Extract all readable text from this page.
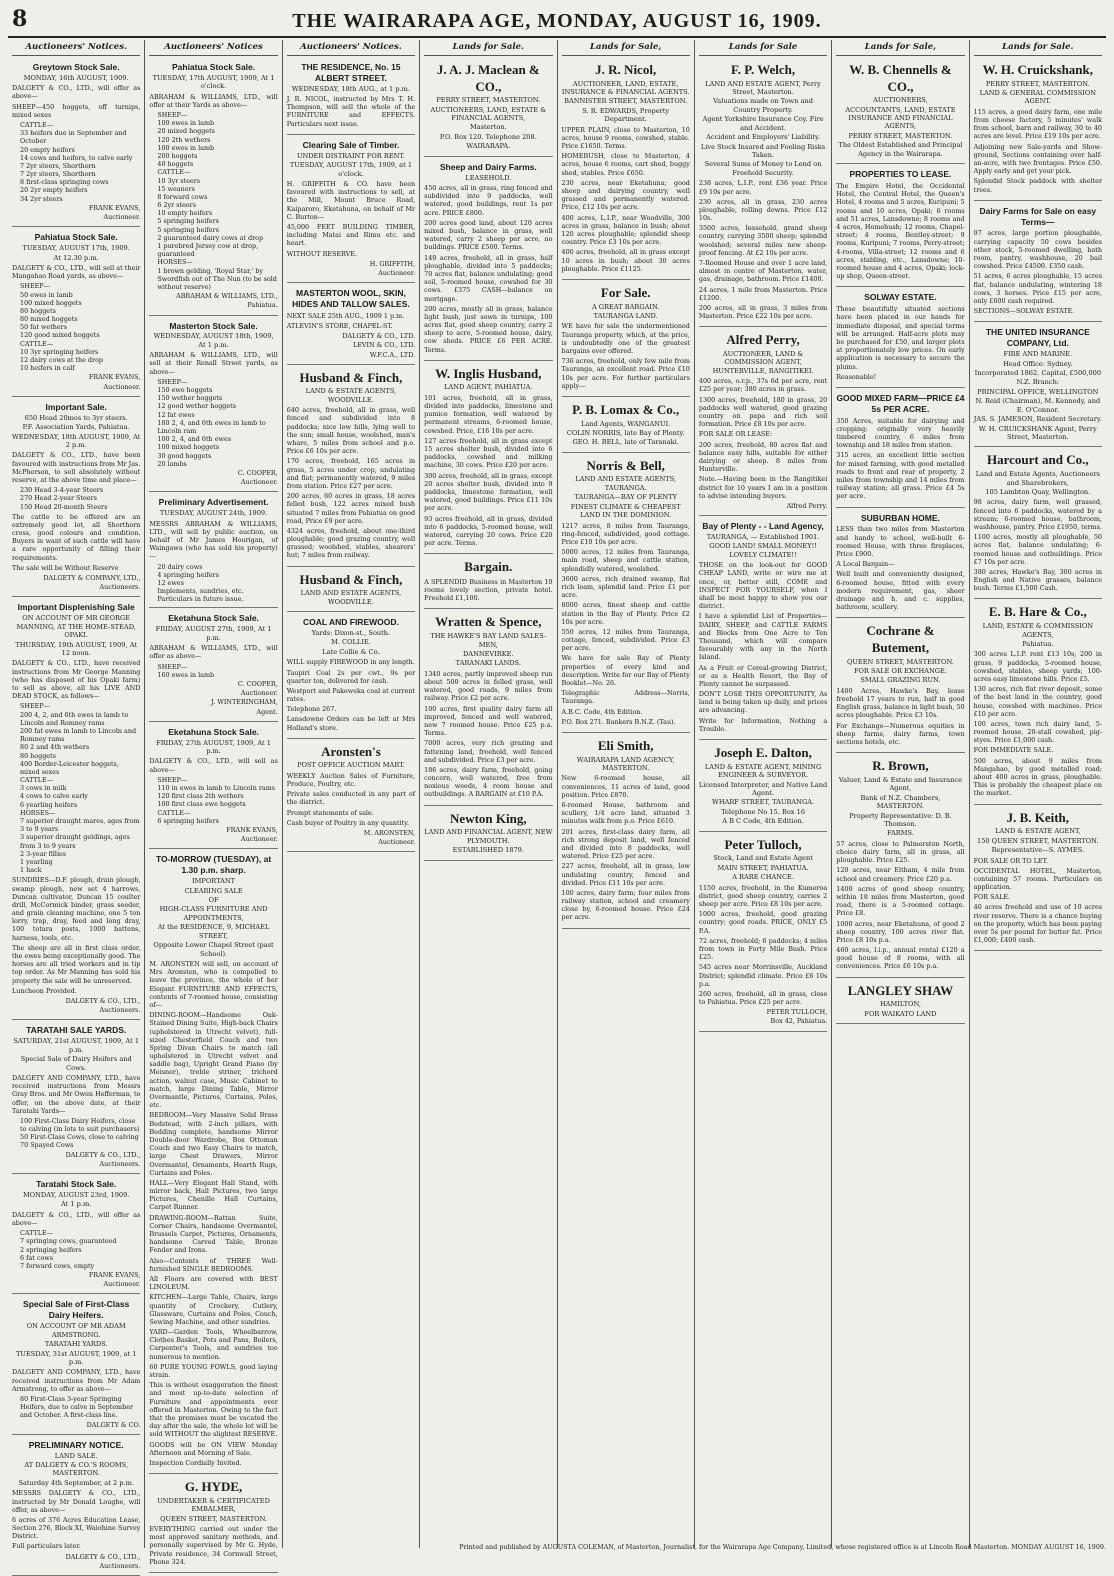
8	THE WAIRARAPA AGE, MONDAY, AUGUST 16, 1909.
Auctioneers' Notices.
Greytown Stock Sale.
MONDAY, 16th AUGUST, 1909.

DALGETY & CO., LTD., will offer as above—

SHEEP—450 hoggets, off turnips, mixed sexes

CATTLE—

33 heifers due in September and October

20 empty heifers

14 cows and heifers, to calve early

7 2yr steers, Shorthorn

7 2yr steers, Shorthorn

8 first-class springing cows

20 2yr empty heifers

34 2yr steers

FRANK EVANS,
Auctioneer.
Pahiatua Stock Sale.
TUESDAY, AUGUST 17th, 1909.
At 12.30 p.m.

DALGETY & CO., LTD., will sell at their Mangahao Road yards, as above—

SHEEP—

50 ewes in lamb

100 mixed hoggets

80 hoggets

80 mixed hoggets

50 fat wethers

120 good mixed hoggets

CATTLE—

10 3yr springing heifers

12 dairy cows at the drop

10 heifers in calf

FRANK EVANS,
Auctioneer.
Important Sale.
650 Head 20mos to 3yr steers.
P.F. Association Yards, Pahiatua.
WEDNESDAY, 18th AUGUST, 1909, At 2 p.m.

DALGETY & CO., LTD., have been favoured with instructions from Mr Jas. McPherson, to sell absolutely without reserve, at the above time and place—

230 Head 3-4-year Steers

270 Head 2-year Steers

150 Head 20-month Steers

The cattle to be offered are an extremely good lot, all Shorthorn cross, good colours and condition. Buyers in want of such cattle will have a rare opportunity of filling their requirements.

The sale will be Without Reserve

DALGETY & COMPANY, LTD.,
Auctioneers.
Important Displenishing Sale
ON ACCOUNT OF MR GEORGE MANNING, AT THE HOME-STEAD, OPAKI.
THURSDAY, 19th AUGUST, 1909, At 12 noon.

DALGETY & CO., LTD., have received instructions from Mr George Manning (who has disposed of his Opaki farm) to sell as above, all his LIVE AND DEAD STOCK, as follows—

SHEEP—

200 4, 2, and 6th ewes in lamb to Lincoln and Romney rams

200 fat ewes in lamb to Lincoln and Romney rams

80 2 and 4th wethers

80 hoggets

400 Border-Leicester hoggets, mixed sexes

CATTLE—

3 cows in milk

4 cows to calve early

6 yearling heifers

HORSES—

7 superior draught mares, ages from 3 to 9 years

3 superior draught geldings, ages from 3 to 9 years

2 3-year fillies

1 yearling

1 hack

SUNDRIES—D.F. plough, drain plough, swamp plough, new set 4 harrows, Duncan cultivator, Duncan 15 coulter drill, McCormick binder, grass seeder, and grain cleaning machine, one 5 ton lorry, trap, dray, feed and long dray, 100 totara posts, 1000 battens, harness, tools, etc.

The sheep are all in first class order, the ewes being exceptionally good. The horses are all tried workers and in tip top order. As Mr Manning has sold his property the sale will be unreserved.

Luncheon Provided.

DALGETY & CO., LTD.,
Auctioneers.
TARATAHI SALE YARDS.
SATURDAY, 21st AUGUST, 1909, At 1 p.m.
Special Sale of Dairy Heifers and Cows.

DALGETY AND COMPANY, LTD., have received instructions from Messrs Gray Bros. and Mr Owen Hefferman, to offer, on the above date, at their Taratahi Yards—

100 First-Class Dairy Heifers, close to calving (in lots to suit purchasers)

50 First-Class Cows, close to calving

70 Spayed Cows

DALGETY & CO., LTD.,
Auctioneers.
Taratahi Stock Sale.
MONDAY, AUGUST 23rd, 1909.
At 1 p.m.

DALGETY & CO., LTD., will offer as above—

CATTLE—

7 springing cows, guaranteed

2 springing heifers

6 fat cows

7 forward cows, empty

FRANK EVANS,
Auctioneer.
Special Sale of First-Class Dairy Heifers.
ON ACCOUNT OF MR ADAM ARMSTRONG.
TARATAHI YARDS.
TUESDAY, 31st AUGUST, 1909, at 1 p.m.

DALGETY AND COMPANY, LTD., have received instructions from Mr Adam Armstrong, to offer as above—

80 First-Class 3-year Springing Heifers, due to calve in September and October. A first-class line.

DALGETY & CO.
PRELIMINARY NOTICE.
LAND SALE.
AT DALGETY & CO.'S ROOMS, MASTERTON.
Saturday 4th September, at 2 p.m.

MESSRS DALGETY & CO., LTD., instructed by Mr Donald Loughe, will offer, as above—

6 acres of 376 Acres Education Lease, Section 276, Block XI, Waiohine Survey District.

Full particulars later.

DALGETY & CO., LTD.,
Auctioneers.
Auctioneers' Notices
Pahiatua Stock Sale.
TUESDAY, 17th AUGUST, 1909, At 1 o'clock.

ABRAHAM & WILLIAMS, LTD., will offer at their Yards as above—

SHEEP—

100 ewes in lamb

20 mixed hoggets

120 2th wethers

100 ewes in lamb

200 hoggets

40 hoggets

CATTLE—

10 3yr steers

15 weaners

8 forward cows

6 2yr steers

10 empty heifers

5 springing heifers

5 springing heifers

2 guaranteed dairy cows at drop

1 purebred Jersey cow at drop, guaranteed

HORSES—

1 brown gelding, 'Royal Star,' by Swordfish out of The Nun (to be sold without reserve)

ABRAHAM & WILLIAMS, LTD.,
Pahiatua.
Masterton Stock Sale.
WEDNESDAY, AUGUST 18th, 1909, At 1 p.m.

ABRAHAM & WILLIAMS, LTD., will sell at their Renall Street yards, as above—

SHEEP—

150 ewe hoggets

150 wether hoggets

12 good wether hoggets

12 fat ewes

180 2, 4, and 6th ewes in lamb to Lincoln ram

100 2, 4, and 6th ewes

100 mixed hoggets

30 good hoggets

20 lambs

C. COOPER,
Auctioneer.
Preliminary Advertisement.
TUESDAY, AUGUST 24th, 1909.

MESSRS ABRAHAM & WILLIAMS, LTD., will sell by public auction, on behalf of Mr James Hourigan, of Waingawa (who has sold his property)—

20 dairy cows

4 springing heifers

12 ewes

Implements, sundries, etc.

Particulars in future issue.

Eketahuna Stock Sale.
FRIDAY, AUGUST 27th, 1909, At 1 p.m.

ABRAHAM & WILLIAMS, LTD., will offer as above—

SHEEP—

160 ewes in lamb

C. COOPER,
Auctioneer.
J. WINTERINGHAM,
Agent.
Eketahuna Stock Sale.
FRIDAY, 27th AUGUST, 1909, At 1 p.m.

DALGETY & CO., LTD., will sell as above—

SHEEP—

110 in ewes in lamb to Lincoln rams

120 first class 2th wethers

100 first class ewe hoggets

CATTLE—

6 springing heifers

FRANK EVANS,
Auctioneer.
TO-MORROW (TUESDAY), at 1.30 p.m. sharp.
IMPORTANT
CLEARING SALE
OF
HIGH-CLASS FURNITURE AND APPOINTMENTS,
At the RESIDENCE, 9, MICHAEL STREET,
Opposite Lower Chapel Street (past School).

M. ARONSTEN will sell, on account of Mrs Aronsten, who is compelled to leave the province, the whole of her Elegant FURNITURE AND EFFECTS, contents of 7-roomed house, consisting of—

DINING-ROOM—Handsome Oak-Stained Dining Suite, High-back Chairs (upholstered in Utrecht velvet), full-sized Chesterfield Couch and two Spring Divan Chairs to match (all upholstered in Utrecht velvet and saddle bag), Upright Grand Piano (by Meisner), treble striner, trichord action, walnut case, Music Cabinet to match, large Dining Table, Mirror Overmantle, Pictures, Curtains, Poles, etc.

BEDROOM—Very Massive Solid Brass Bedstead, with 2-inch pillars, with Bedding complete, handsome Mirror Double-door Wardrobe, Box Ottoman Couch and two Easy Chairs to match, large Chest Drawers, Mirror Overmantel, Ornaments, Hearth Rugs, Curtains and Poles.

HALL—Very Elegant Hall Stand, with mirror back, Hall Pictures, two large Pictures, Chenille Hall Curtains, Carpet Runner.

DRAWING-ROOM—Rattan Suite, Corner Chairs, handsome Overmantel, Brussels Carpet, Pictures, Ornaments, handsome Carved Table, Bronze Fender and Irons.

Also—Contents of THREE Well-furnished SINGLE BEDROOMS.

All Floors are covered with BEST LINOLEUM.

KITCHEN—Large Table, Chairs, large quantity of Crockery, Cutlery, Glassware, Curtains and Poles, Couch, Sewing Machine, and other sundries.

YARD—Garden Tools, Wheelbarrow, Clothes Basket, Pots and Pans, Boilers, Carpenter's Tools, and sundries too numerous to mention.

60 PURE YOUNG FOWLS, good laying strain.

This is without exaggeration the finest and most up-to-date selection of Furniture and appointments ever offered in Masterton. Owing to the fact that the premises must be vacated the day after the sale, the whole lot will be sold WITHOUT the slightest RESERVE.

GOODS will be ON VIEW Monday Afternoon and Morning of Sale.

Inspection Cordially Invited.

G. HYDE,
UNDERTAKER & CERTIFICATED EMBALMER,
QUEEN STREET, MASTERTON.

EVERYTHING carried out under the most approved sanitary methods, and personally supervised by Mr G. Hyde, Private residence, 34 Cornwall Street, Phone 324.

Auctioneers' Notices.
THE RESIDENCE, No. 15 ALBERT STREET.
WEDNESDAY, 18th AUG., at 1 p.m.

J. R. NICOL, instructed by Mrs T. H. Thompson, will sell the whole of the FURNITURE and EFFECTS. Particulars next issue.

Clearing Sale of Timber.
UNDER DISTRAINT FOR RENT.
TUESDAY, AUGUST 17th, 1909, at 1 o'clock.

H. GRIFFITH & CO. have been favoured with instructions to sell, at the Mill, Mount Bruce Road, Kaiparoro, Eketahuna, on behalf of Mr C. Burton—

45,000 FEET BUILDING TIMBER, including Matai and Rimu etc. and heart.

WITHOUT RESERVE.

H. GRIFFITH,
Auctioneer.
MASTERTON WOOL, SKIN, HIDES AND TALLOW SALES.

NEXT SALE 25th AUG., 1909 1 p.m.

ATLEVIN'S STORE, CHAPEL-ST.

DALGETY & CO., LTD.
LEVIN & CO., LTD.
W.F.C.A., LTD.
Husband & Finch,
LAND & ESTATE AGENTS, WOODVILLE.

640 acres, freehold, all in grass, well fenced and subdivided into 8 paddocks; nice low hills, lying well to the sun; small house, woolshed, man's whare, 5 miles from school and p.o. Price £6 10s per acre.

170 acres, freehold, 165 acres in grass, 5 acres under crop, undulating and flat; permanently watered, 9 miles from station. Price £27 per acre.

200 acres, 60 acres in grass, 18 acres felled bush, 122 acres mixed bush situated 7 miles from Pahiatua on good road, Price £9 per acre.

4324 acres, freehold, about one-third ploughable; good grazing country, well grassed; woolshed, stables, shearers' hut; 7 miles from railway.

Husband & Finch,
LAND AND ESTATE AGENTS, WOODVILLE.
COAL AND FIREWOOD.
Yards: Dixon-st., South.
M. COLLIE.
Late Collie & Co.

WILL supply FIREWOOD in any length.

Taupiri Coal 2s per cwt., 9s per quarter ton, delivered for cash.

Westport and Pakeweka coal at current rates.

Telephone 267.

Lansdowne Orders can be left at Mrs Holland's store.

Aronsten's
POST OFFICE AUCTION MART.

WEEKLY Auction Sales of Furniture, Produce, Poultry, etc.

Private sales conducted in any part of the district.

Prompt statements of sale.

Cash buyer of Poultry in any quantity.

M. ARONSTEN,
Auctioneer.
Lands for Sale.
J. A. J. Maclean & CO.,
PERRY STREET, MASTERTON.
AUCTIONEERS, LAND, ESTATE & FINANCIAL AGENTS,
Masterton.
P.O. Box 120. Telephone 208.
WAIRARAPA.
Sheep and Dairy Farms.
LEASEHOLD.

450 acres, all in grass, ring fenced and subdivided into 9 paddocks, well watered, good buildings, rent 1s per acre. PRICE £800.

200 acres good land, about 120 acres mixed bush, balance in grass, well watered, carry 2 sheep per acre, no buildings. PRICE £500. Terms.

149 acres, freehold, all in grass, half ploughable, divided into 5 paddocks; 70 acres flat, balance undulating; good soil, 5-roomed house, cowshed for 30 cows. £375 CASH—balance on mortgage.

200 acres, mostly all in grass, balance light bush, just sown in turnips, 100 acres flat, good sheep country, carry 2 sheep to acre, 5-roomed house, dairy, cow sheds. PRICE £6 PER ACRE. Terms.

W. Inglis Husband,
LAND AGENT, PAHIATUA.

101 acres, freehold, all in grass, divided into paddocks, limestone and pumice formation, well watered by permanent streams, 6-roomed house, cowshed. Price, £16 10s per acre.

127 acres freehold, all in grass except 15 acres shelter bush, divided into 6 paddocks, cowshed and milking machine, 30 cows. Price £20 per acre.

300 acres, freehold, all in grass, except 20 acres shelter bush, divided into 9 paddocks, limestone formation, well watered, good buildings. Price £11 10s per acre.

93 acres freehold, all in grass, divided into 6 paddocks, 5-roomed house, well watered, carrying 20 cows. Price £20 per acre. Terms.

Bargain.

A SPLENDID Business in Masterton 10 rooms lovely section, private hotel. Freehold £1,100.

Wratten & Spence,
THE HAWKE'S BAY LAND SALES-MEN,
DANNEVIRKE.
TARANAKI LANDS.

1340 acres, partly improved sheep run about 500 acres in felled grass, well watered, good roads, 9 miles from railway. Price £2 per acre.

100 acres, first quality dairy farm all improved, fenced and well watered, new 7 roomed house. Price £25 p.a. Terms.

7000 acres, very rich grazing and fattening land, freehold, well fenced and subdivided. Price £3 per acre.

186 acres, dairy farm, freehold, going concern, well watered, free from noxious weeds, 4 room house and outbuildings. A BARGAIN at £10 P.A.

Newton King,
LAND AND FINANCIAL AGENT, NEW PLYMOUTH.
ESTABLISHED 1879.
Lands for Sale,
J. R. Nicol,
AUCTIONEER, LAND, ESTATE, INSURANCE & FINANCIAL AGENTS.
BANNISTER STREET, MASTERTON.
S. R. EDWARDS, Property Department.

UPPER PLAIN, close to Masterton, 10 acres, house 9 rooms, cowshed, stable. Price £1650. Terms.

HOMEBUSH, close to Masterton, 4 acres, house 6 rooms, cart shed, buggy shed, stables. Price £650.

230 acres, near Eketahuna; good sheep and dairying country, well grassed and permanently watered. Price, £12 10s per acre.

400 acres, L.I.P., near Woodville, 300 acres in grass, balance in bush; about 120 acres ploughable; splendid sheep country. Price £3 10s per acre.

400 acres, freehold, all in grass except 10 acres in bush; about 30 acres ploughable. Price £1125.

For Sale.
A GREAT BARGAIN.
TAURANGA LAND.

WE have for sale the undermentioned Tauranga property, which, at the price, is undoubtedly one of the greatest bargains ever offered.

736 acres, freehold, only few mile from Tauranga, an excellent road. Price £10 10s per acre. For further particulars apply—

P. B. Lomax & Co.,
Land Agents, WANGANUI.
COLIN NORRIS, late Bay of Plenty.
GEO. H. BELL, late of Taranaki.
Norris & Bell,
LAND AND ESTATE AGENTS, TAURANGA.
TAURANGA—BAY OF PLENTY
FINEST CLIMATE & CHEAPEST LAND IN THE DOMINION.

1217 acres, 8 miles from Tauranga, ring-fenced, subdivided, good cottage. Price £10 10s per acre.

5000 acres, 12 miles from Tauranga, main road, sheep and cattle station, splendidly watered, woolshed.

3600 acres, rich drained swamp, flat rich loam, splendid land. Price £1 per acre.

8000 acres, finest sheep and cattle station in the Bay of Plenty. Price £2 10s per acre.

550 acres, 12 miles from Tauranga, cottage, fenced, subdivided. Price £3 per acre.

We have for sale Bay of Plenty properties of every kind and description. Write for our Bay of Plenty Booklet—No. 26.

Telegraphic Address—Norris, Tauranga.

A.B.C. Code, 4th Edition.

P.O. Box 271. Bankers B.N.Z. (Tau).

Eli Smith,
WAIRARAPA LAND AGENCY, MASTERTON.

New 6-roomed house, all conveniences, 11 acres of land, good position. Price £870.

6-roomed House, bathroom and scullery, 1/4 acre land, situated 3 minutes walk from p.o. Price £610.

201 acres, first-class dairy farm, all rich strong deposit land, well fenced and divided into 8 paddocks, well watered. Price £25 per acre.

227 acres, freehold, all in grass, low undulating country, fenced and divided. Price £11 10s per acre.

100 acres, dairy farm; four miles from railway station, school and creamery close by, 6-roomed house. Price £24 per acre.

Lands for Sale
F. P. Welch,
LAND AND ESTATE AGENT, Perry Street, Masterton.
Valuations made on Town and Country Property.
Agent Yorkshire Insurance Coy. Fire and Accident.
Accident and Employers' Liability.
Live Stock Insured and Fooling Risks Taken.
Several Sums of Money to Lend on Freehold Security.

238 acres, L.I.P., rent £36 year. Price £9 10s per acre.

230 acres, all in grass, 230 acres ploughable, rolling downs. Price £12 10s.

3500 acres, leasehold, grand sheep country, carrying 3500 sheep; splendid woolshed; several miles new sheep-proof fencing. At £2 10s per acre.

7-Roomed House and over 1 acre land, almost in centre of Masterton, water, gas, drainage, bathroom. Price £1400.

24 acres, 1 mile from Masterton. Price £1200.

200 acres, all in grass, 3 miles from Masterton. Price £22 10s per acre.

Alfred Perry,
AUCTIONEER, LAND & COMMISSION AGENT, HUNTERVILLE, RANGITIKEI.

400 acres, o.r.p., 37s 6d per acre, rent £25 per year; 380 acres in grass.

1300 acres, freehold, 180 in grass, 20 paddocks well watered, good grazing country on papa and rich soil formation. Price £8 10s per acre.

FOR SALE OR LEASE:

200 acres, freehold, 80 acres flat and balance easy hills, suitable for either dairying or sheep. 8 miles from Hunterville.

Note.—Having been in the Rangitikei district for 10 years I am in a position to advise intending buyers.

Alfred Perry.
Bay of Plenty - - Land Agency,
TAURANGA, — Established 1901.
GOOD LAND! SMALL MONEY!! LOVELY CLIMATE!!

THOSE on the look-out for GOOD CHEAP LAND, write or wire me at once, or, better still, COME and INSPECT FOR YOURSELF, when I shall be most happy to show you our district.

I have a splendid List of Properties—DAIRY, SHEEP, and CATTLE FARMS and Blocks from One Acre to Ten Thousand, which will compare favourably with any in the North Island.

As a Fruit or Cereal-growing District, or as a Health Resort, the Bay of Plenty cannot be surpassed.

DON'T LOSE THIS OPPORTUNITY, As land is being taken up daily, and prices are advancing.

Write for Information, Nothing a Trouble.

Joseph E. Dalton,
LAND & ESTATE AGENT, MINING ENGINEER & SURVEYOR.
Licensed Interpreter, and Native Land Agent.
WHARF STREET, TAURANGA.
Telephone No 15. Box 16
A B C Code, 4th Edition.
Peter Tulloch,
Stock, Land and Estate Agent
MAIN STREET, PAHIATUA.
A RARE CHANCE.

1150 acres, freehold, in the Kumeroa district, good sheep country, carries 2 sheep per acre. Price £8 10s per acre.

1000 acres, freehold, good grazing country; good roads. PRICE, ONLY £5 P.A.

72 acres, freehold; 6 paddocks; 4 miles from town in Forty Mile Bush. Price £25.

545 acres near Morrinsville, Auckland District; splendid climate. Price £6 10s p.a.

260 acres, freehold, all in grass, close to Pahiatua. Price £25 per acre.

PETER TULLOCH,
Box 42, Pahiatua.
Lands for Sale,
W. B. Chennells & CO.,
AUCTIONEERS,
ACCOUNTANTS, LAND, ESTATE INSURANCE AND FINANCIAL AGENTS,
PERRY STREET, MASTERTON.
The Oldest Established and Principal Agency in the Wairarapa.
PROPERTIES TO LEASE.

The Empire Hotel, the Occidental Hotel, the Central Hotel, the Queen's Hotel, 4 rooms and 5 acres, Kuripuni; 5 rooms and 10 acres, Opaki; 6 rooms and 51 acres, Lansdowne; 8 rooms and 4 acres, Homebush; 12 rooms, Chapel-street; 4 rooms, Bentley-street; 9 rooms, Kuripuni; 7 rooms, Perry-street; 4-rooms, Villa-street; 12 rooms and 6 acres, stabling, etc., Lansdowne; 10-roomed house and 4 acres, Opaki; lock-up shop, Queen-street.

SOLWAY ESTATE.

These beautifully situated sections have been placed in our hands for immediate disposal, and special terms will be arranged. Half-acre plots may be purchased for £50, and larger plots at proportionately low prices. On early application is necessary to secure the plums.

Reasonable!

GOOD MIXED FARM—PRICE £4 5s PER ACRE.

350 Acres, suitable for dairying and cropping; originally very heavily timbered country, 6 miles from township and 18 miles from station.

315 acres, an excellent little section for mixed farming, with good metalled roads to front and rear of property, 2 miles from township and 14 miles from railway station; all grass. Price £4 5s per acre.

SUBURBAN HOME.

LESS than two miles from Masterton and handy to school, well-built 6-roomed House, with three fireplaces, Price £900.

A Local Bargain—

Well built and conveniently designed, 6-roomed house, fitted with every modern requirement, gas, sheer drainage and h. and c. supplies, bathroom, scullery.

Cochrane & Butement,
QUEEN STREET, MASTERTON.
FOR SALE OR EXCHANGE.
SMALL GRAZING RUN.

1400 Acres, Hawke's Bay, lease freehold 17 years to run, half in good English grass, balance in light bush, 50 acres ploughable. Price £3 10s.

For Exchange—Numerous equities in sheep farms, dairy farms, town sections hotels, etc.

R. Brown,
Valuer, Land & Estate and Insurance Agent,
Bank of N.Z. Chambers, MASTERTON.
Property Representative: D. B. Thomson.
FARMS.

57 acres, close to Palmerston North, choice dairy farm, all in grass, all ploughable. Price £25.

120 acres, near Eltham, 4 mile from school and creamery. Price £20 p.a.

1400 acres of good sheep country, within 18 miles from Masterton, good road, there is a 5-roomed cottage. Price £8.

1000 acres, near Eketahuna, of good 2 sheep country, 100 acres river flat. Price £8 10s p.a.

460 acres, l.i.p., annual rental £120 a good house of 8 rooms, with all conveniences. Price £6 10s p.a.

LANGLEY SHAW
HAMILTON,
FOR WAIKATO LAND
Lands for Sale.
W. H. Cruickshank,
PERRY STREET, MASTERTON.
LAND & GENERAL COMMISSION AGENT.

115 acres, a good dairy farm, one mile from cheese factory, 5 minutes' walk from school, barn and railway, 30 to 40 acres are level. Price £19 10s per acre.

Adjoining new Sale-yards and Show-ground, Sections containing over half-an-acre, with two frontages. Price £50. Apply early and get your pick.

Splendid Stock paddock with shelter trees.

Dairy Farms for Sale on easy Terms—

97 acres, large portion ploughable, carrying capacity 50 cows besides other stock, 5-roomed dwelling, bath room, pantry, washhouse, 20 bail cowshed. Price £4500. £350 cash.

51 acres, 6 acres ploughable, 15 acres flat, balance undulating, wintering 18 cows, 3 horses. Price £15 per acre, only £600 cash required.

SECTIONS—SOLWAY ESTATE.

THE UNITED INSURANCE COMPANY, Ltd.
FIRE AND MARINE.
Head Office: Sydney.
Incorporated 1862. Capital, £500,000
N.Z. Branch:
PRINCIPAL OFFICE, WELLINGTON
N. Reid (Chairman), M. Kennedy, and E. O'Connor.
JAS. S. JAMESON, Resident Secretary.
W. H. CRUICKSHANK Agent, Perry Street, Masterton.
Harcourt and Co.,
Land and Estate Agents, Auctioneers and Sharebrokers,
105 Lambton Quay, Wellington.

98 acres, dairy farm, well grassed, fenced into 6 paddocks, watered by a stream; 6-roomed house, bathroom, washhouse, pantry. Price £1950, terms.

1100 acres, mostly all ploughable, 50 acres flat, balance undulating; 6-roomed house and outbuildings. Price £7 10s per acre.

380 acres, Hawke's Bay, 300 acres in English and Native grasses, balance bush. Terms £1,500 Cash.

E. B. Hare & Co.,
LAND, ESTATE & COMMISSION AGENTS,
Pahiatua.

300 acres L.I.P. rent £13 10s; 200 in grass, 9 paddocks, 5-roomed house, cowshed, stables, sheep yards; 100-acres easy limestone hills. Price £5.

130 acres, rich flat river deposit, some of the best land in the country, good house, cowshed with machines. Price £10 per acre.

100 acres, town rich dairy land, 5-roomed house, 20-stall cowshed, pig-styes. Price £1,000 cash.

FOR IMMEDIATE SALE.

500 acres, about 9 miles from Mangahao, by good metalled road; about 400 acres in grass, ploughable. This is probably the cheapest place on the market.

J. B. Keith,
LAND & ESTATE AGENT,
150 QUEEN STREET, MASTERTON.
Representative—S. AYMES.

FOR SALE OR TO LET.

OCCIDENTAL HOTEL, Masterton, containing 57 rooms. Particulars on application.

FOR SALE.

40 acres freehold and use of 10 acres river reserve. There is a chance buying on the property, which has been paying over 5s per pound for butter fat. Price £1,000; £400 cash.

Printed and published by AUGUSTA COLEMAN, of Masterton, Journalist, for the Wairarapa Age Company, Limited, whose registered office is at Lincoln Road Masterton. MONDAY AUGUST 16, 1909.
